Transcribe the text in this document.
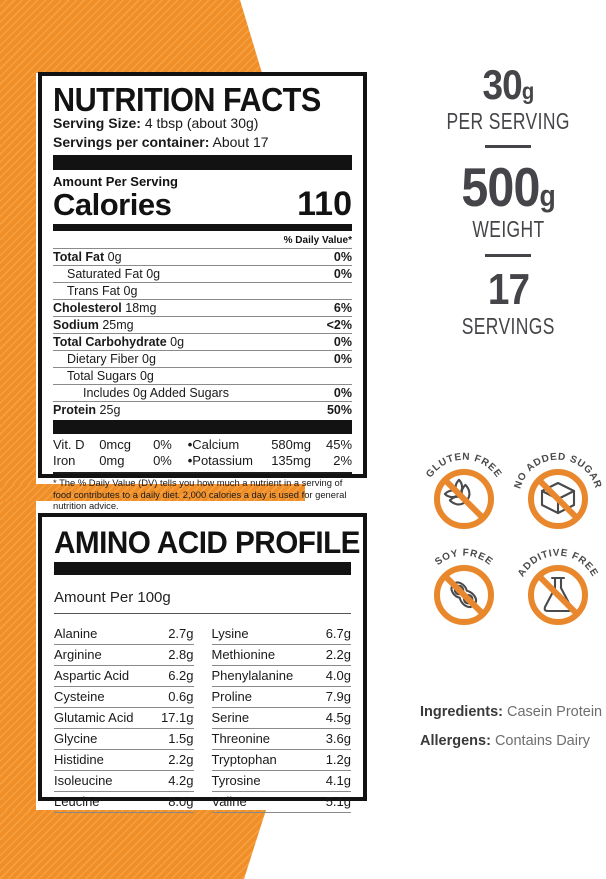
NUTRITION FACTS
Serving Size: 4 tbsp (about 30g)
Servings per container: About 17
Amount Per Serving
Calories	110
% Daily Value*
Total Fat 0g	0%
Saturated Fat 0g	0%
Trans Fat 0g
Cholesterol 18mg	6%
Sodium 25mg	<2%
Total Carbohydrate 0g	0%
Dietary Fiber 0g	0%
Total Sugars 0g
Includes 0g Added Sugars	0%
Protein 25g	50%
Vit. D	0mcg	0%	• Calcium	580mg	45%
Iron	0mg	0%	• Potassium	135mg	2%
* The % Daily Value (DV) tells you how much a nutrient in a serving of food contributes to a daily diet. 2,000 calories a day is used for general nutrition advice.
AMINO ACID PROFILE
Amount Per 100g
Alanine	2.7g
Arginine	2.8g
Aspartic Acid	6.2g
Cysteine	0.6g
Glutamic Acid 17.1g
Glycine	1.5g
Histidine	2.2g
Isoleucine	4.2g
Leucine	8.0g
Lysine	6.7g
Methionine	2.2g
Phenylalanine	4.0g
Proline	7.9g
Serine	4.5g
Threonine	3.6g
Tryptophan	1.2g
Tyrosine	4.1g
Valine	5.1g
30g
PER SERVING
500g
WEIGHT
17
SERVINGS
GLUTEN FREE
NO ADDED SUGAR
SOY FREE
ADDITIVE FREE
Ingredients: Casein Protein
Allergens: Contains Dairy
